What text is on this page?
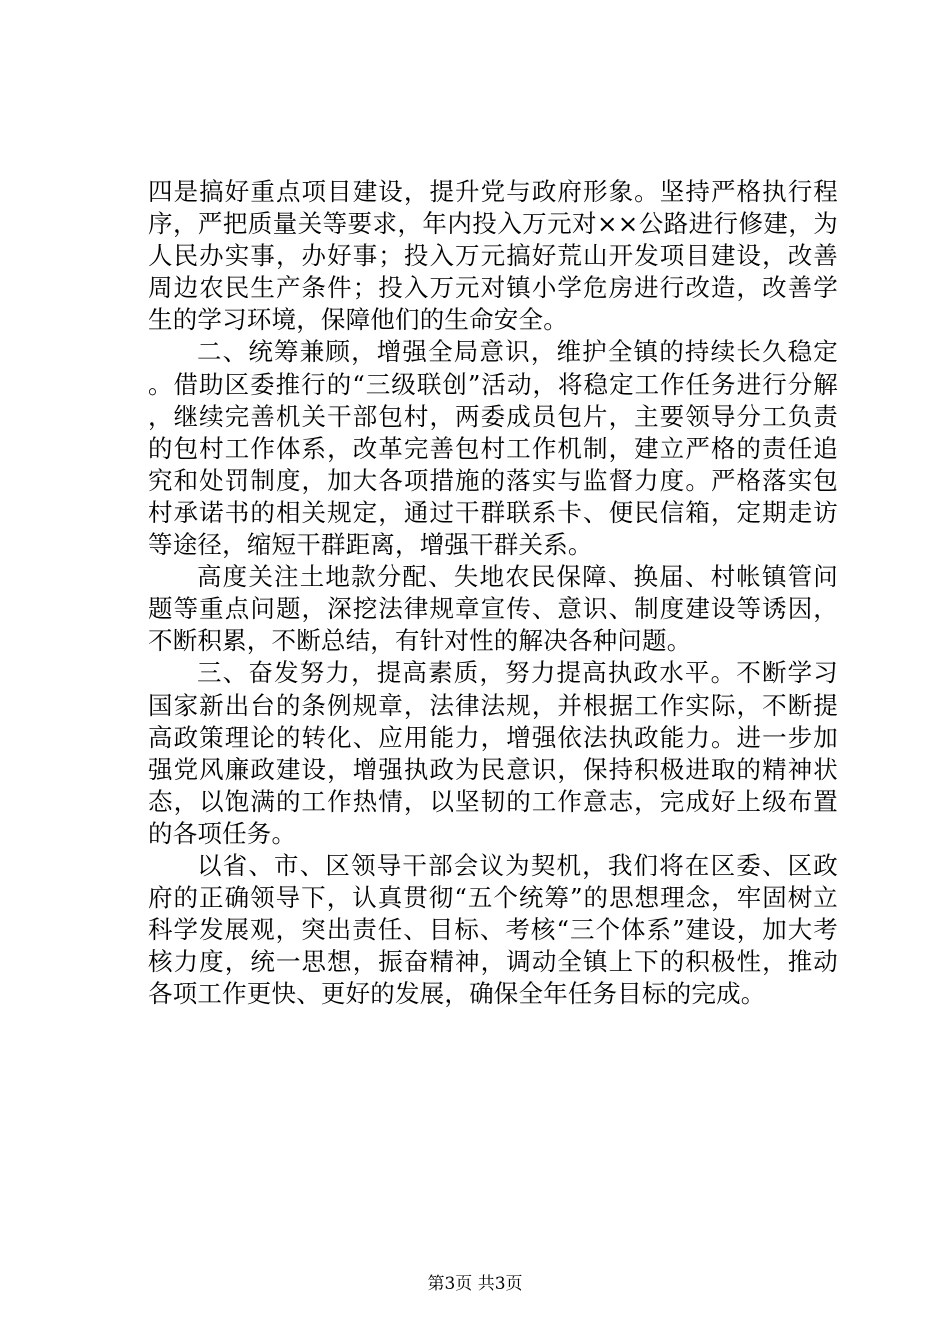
四是搞好重点项目建设，提升党与政府形象。坚持严格执行程序，严把质量关等要求，年内投入万元对××公路进行修建，为人民办实事，办好事；投入万元搞好荒山开发项目建设，改善周边农民生产条件；投入万元对镇小学危房进行改造，改善学生的学习环境，保障他们的生命安全。

二、统筹兼顾，增强全局意识，维护全镇的持续长久稳定。借助区委推行的“三级联创”活动，将稳定工作任务进行分解，继续完善机关干部包村，两委成员包片，主要领导分工负责的包村工作体系，改革完善包村工作机制，建立严格的责任追究和处罚制度，加大各项措施的落实与监督力度。严格落实包村承诺书的相关规定，通过干群联系卡、便民信箱，定期走访等途径，缩短干群距离，增强干群关系。

高度关注土地款分配、失地农民保障、换届、村帐镇管问题等重点问题，深挖法律规章宣传、意识、制度建设等诱因，不断积累，不断总结，有针对性的解决各种问题。

三、奋发努力，提高素质，努力提高执政水平。不断学习国家新出台的条例规章，法律法规，并根据工作实际，不断提高政策理论的转化、应用能力，增强依法执政能力。进一步加强党风廉政建设，增强执政为民意识，保持积极进取的精神状态，以饱满的工作热情，以坚韧的工作意志，完成好上级布置的各项任务。

以省、市、区领导干部会议为契机，我们将在区委、区政府的正确领导下，认真贯彻“五个统筹”的思想理念，牢固树立科学发展观，突出责任、目标、考核“三个体系”建设，加大考核力度，统一思想，振奋精神，调动全镇上下的积极性，推动各项工作更快、更好的发展，确保全年任务目标的完成。

第3页 共3页
